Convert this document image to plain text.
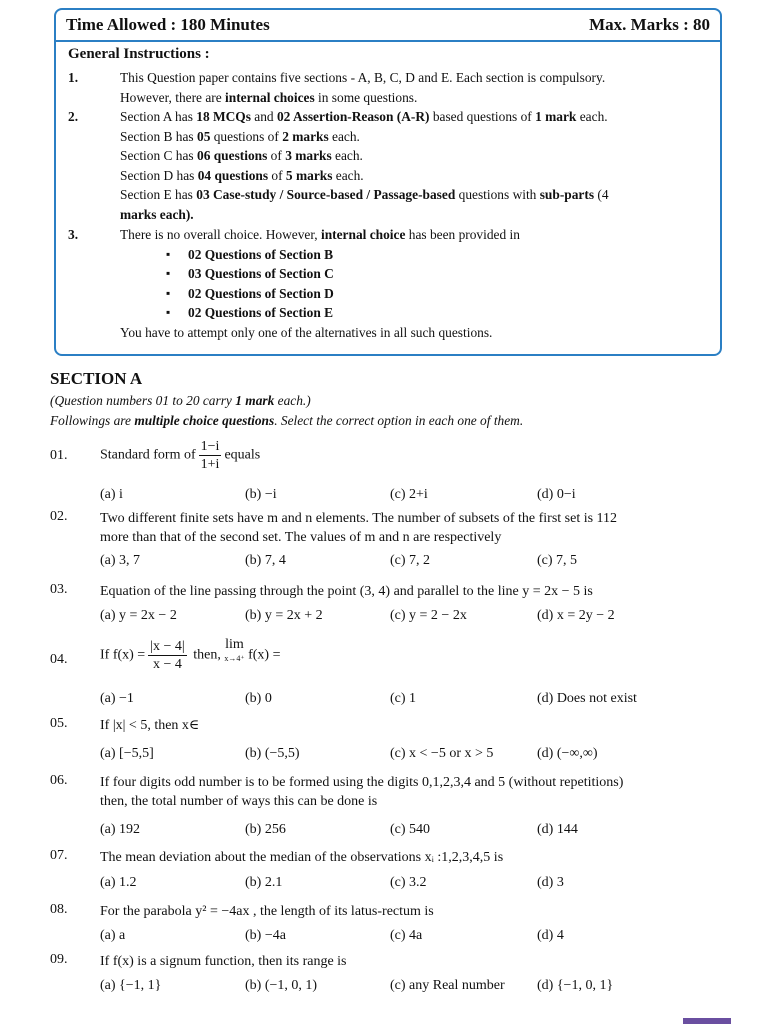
Time Allowed : 180 Minutes	Max. Marks : 80
General Instructions :
1.	This Question paper contains five sections - A, B, C, D and E. Each section is compulsory.
However, there are internal choices in some questions.
2.	Section A has 18 MCQs and 02 Assertion-Reason (A-R) based questions of 1 mark each.
Section B has 05 questions of 2 marks each.
Section C has 06 questions of 3 marks each.
Section D has 04 questions of 5 marks each.
Section E has 03 Case-study / Source-based / Passage-based questions with sub-parts (4
marks each).
3.	There is no overall choice. However, internal choice has been provided in
▪ 02 Questions of Section B
▪ 03 Questions of Section C
▪ 02 Questions of Section D
▪ 02 Questions of Section E
You have to attempt only one of the alternatives in all such questions.
SECTION A
(Question numbers 01 to 20 carry 1 mark each.)
Followings are multiple choice questions. Select the correct option in each one of them.
01. Standard form of $\frac{1-i}{1+i}$ equals
(a) i	(b) −i	(c) 2+i	(d) 0−i
02. Two different finite sets have m and n elements. The number of subsets of the first set is 112
more than that of the second set. The values of m and n are respectively
(a) 3, 7	(b) 7, 4	(c) 7, 2	(c) 7, 5
03. Equation of the line passing through the point (3, 4) and parallel to the line y = 2x − 5 is
(a) y = 2x − 2	(b) y = 2x + 2	(c) y = 2 − 2x	(d) x = 2y − 2
04. If $f(x) = \frac{|x - 4|}{x - 4}$ then, lim
x→4⁺ f(x) =
(a) −1	(b) 0	(c) 1	(d) Does not exist
05. If |x| < 5, then x∈
(a) [−5,5]	(b) (−5,5)	(c) x < −5 or x > 5	(d) (−∞,∞)
06. If four digits odd number is to be formed using the digits 0,1,2,3,4 and 5 (without repetitions)
then, the total number of ways this can be done is
(a) 192	(b) 256	(c) 540	(d) 144
07. The mean deviation about the median of the observations xᵢ :1,2,3,4,5 is
(a) 1.2	(b) 2.1	(c) 3.2	(d) 3
08. For the parabola y² = −4ax , the length of its latus-rectum is
(a) a	(b) −4a	(c) 4a	(d) 4
09. If f(x) is a signum function, then its range is
(a) {−1, 1}	(b) (−1, 0, 1)	(c) any Real number (d) {−1, 0, 1}
